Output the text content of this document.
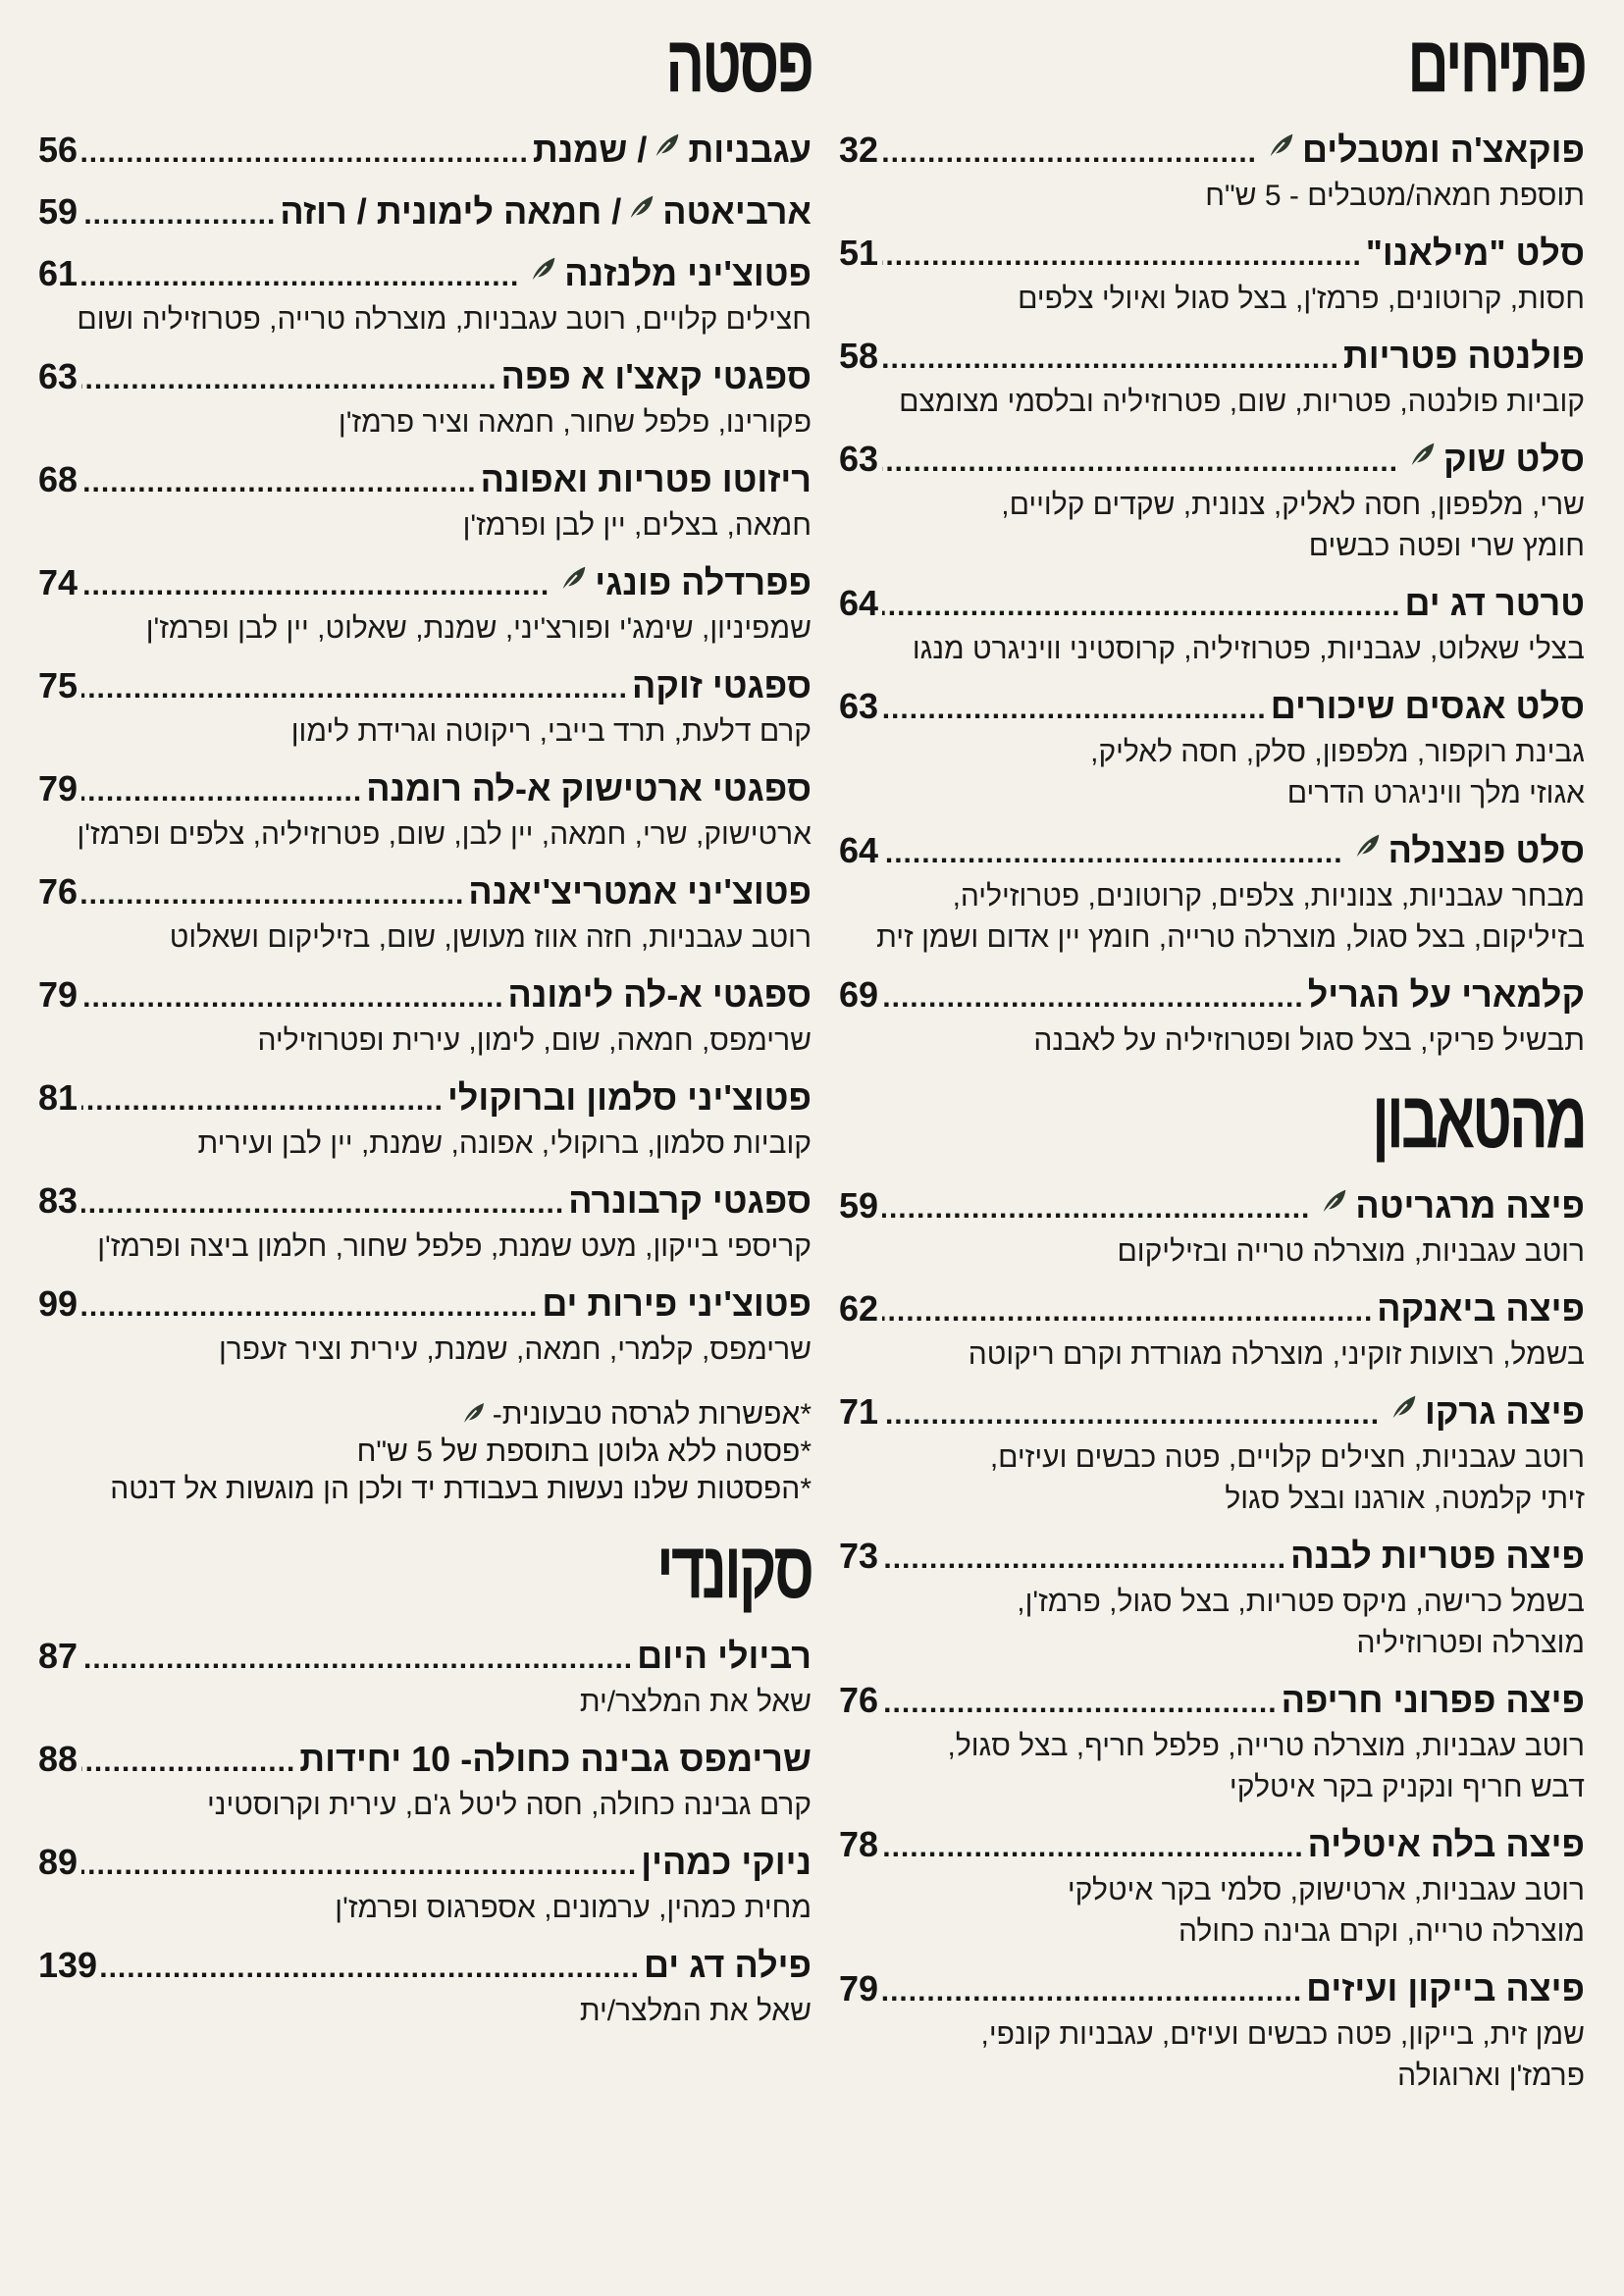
פתיחים
פוקאצ'ה ומטבלים
.....
32
תוספת חמאה/מטבלים - 5 ש"ח
סלט "מילאנו"
.....
51
חסות, קרוטונים, פרמז'ן, בצל סגול ואיולי צלפים
פולנטה פטריות
.....
58
קוביות פולנטה, פטריות, שום, פטרוזיליה ובלסמי מצומצם
סלט שוק
.....
63
שרי, מלפפון, חסה לאליק, צנונית, שקדים קלויים,
חומץ שרי ופטה כבשים
טרטר דג ים
.....
64
בצלי שאלוט, עגבניות, פטרוזיליה, קרוסטיני וויניגרט מנגו
סלט אגסים שיכורים
.....
63
גבינת רוקפור, מלפפון, סלק, חסה לאליק,
אגוזי מלך וויניגרט הדרים
סלט פנצנלה
.....
64
מבחר עגבניות, צנוניות, צלפים, קרוטונים, פטרוזיליה,
בזיליקום, בצל סגול, מוצרלה טרייה, חומץ יין אדום ושמן זית
קלמארי על הגריל
.....
69
תבשיל פריקי, בצל סגול ופטרוזיליה על לאבנה
מהטאבון
פיצה מרגריטה
.....
59
רוטב עגבניות, מוצרלה טרייה ובזיליקום
פיצה ביאנקה
.....
62
בשמל, רצועות זוקיני, מוצרלה מגורדת וקרם ריקוטה
פיצה גרקו
.....
71
רוטב עגבניות, חצילים קלויים, פטה כבשים ועיזים,
זיתי קלמטה, אורגנו ובצל סגול
פיצה פטריות לבנה
.....
73
בשמל כרישה, מיקס פטריות, בצל סגול, פרמז'ן,
מוצרלה ופטרוזיליה
פיצה פפרוני חריפה
.....
76
רוטב עגבניות, מוצרלה טרייה, פלפל חריף, בצל סגול,
דבש חריף ונקניק בקר איטלקי
פיצה בלה איטליה
.....
78
רוטב עגבניות, ארטישוק, סלמי בקר איטלקי
מוצרלה טרייה, וקרם גבינה כחולה
פיצה בייקון ועיזים
.....
79
שמן זית, בייקון, פטה כבשים ועיזים, עגבניות קונפי,
פרמז'ן וארוגולה
פסטה
עגבניות
/ שמנת
.....
56
ארביאטה
/ חמאה לימונית / רוזה
.....
59
פטוצ'יני מלנזנה
.....
61
חצילים קלויים, רוטב עגבניות, מוצרלה טרייה, פטרוזיליה ושום
ספגטי קאצ'ו א פפה
.....
63
פקורינו, פלפל שחור, חמאה וציר פרמז'ן
ריזוטו פטריות ואפונה
.....
68
חמאה, בצלים, יין לבן ופרמז'ן
פפרדלה פונגי
.....
74
שמפיניון, שימג'י ופורצ'יני, שמנת, שאלוט, יין לבן ופרמז'ן
ספגטי זוקה
.....
75
קרם דלעת, תרד בייבי, ריקוטה וגרידת לימון
ספגטי ארטישוק א-לה רומנה
.....
79
ארטישוק, שרי, חמאה, יין לבן, שום, פטרוזיליה, צלפים ופרמז'ן
פטוצ'יני אמטריצ'יאנה
.....
76
רוטב עגבניות, חזה אווז מעושן, שום, בזיליקום ושאלוט
ספגטי א-לה לימונה
.....
79
שרימפס, חמאה, שום, לימון, עירית ופטרוזיליה
פטוצ'יני סלמון וברוקולי
.....
81
קוביות סלמון, ברוקולי, אפונה, שמנת, יין לבן ועירית
ספגטי קרבונרה
.....
83
קריספי בייקון, מעט שמנת, פלפל שחור, חלמון ביצה ופרמז'ן
פטוצ'יני פירות ים
.....
99
שרימפס, קלמרי, חמאה, שמנת, עירית וציר זעפרן
*אפשרות לגרסה טבעונית-
*פסטה ללא גלוטן בתוספת של 5 ש"ח
*הפסטות שלנו נעשות בעבודת יד ולכן הן מוגשות אל דנטה
סקונדי
רביולי היום
.....
87
שאל את המלצר/ית
שרימפס גבינה כחולה- 10 יחידות
.....
88
קרם גבינה כחולה, חסה ליטל ג'ם, עירית וקרוסטיני
ניוקי כמהין
.....
89
מחית כמהין, ערמונים, אספרגוס ופרמז'ן
פילה דג ים
.....
139
שאל את המלצר/ית
